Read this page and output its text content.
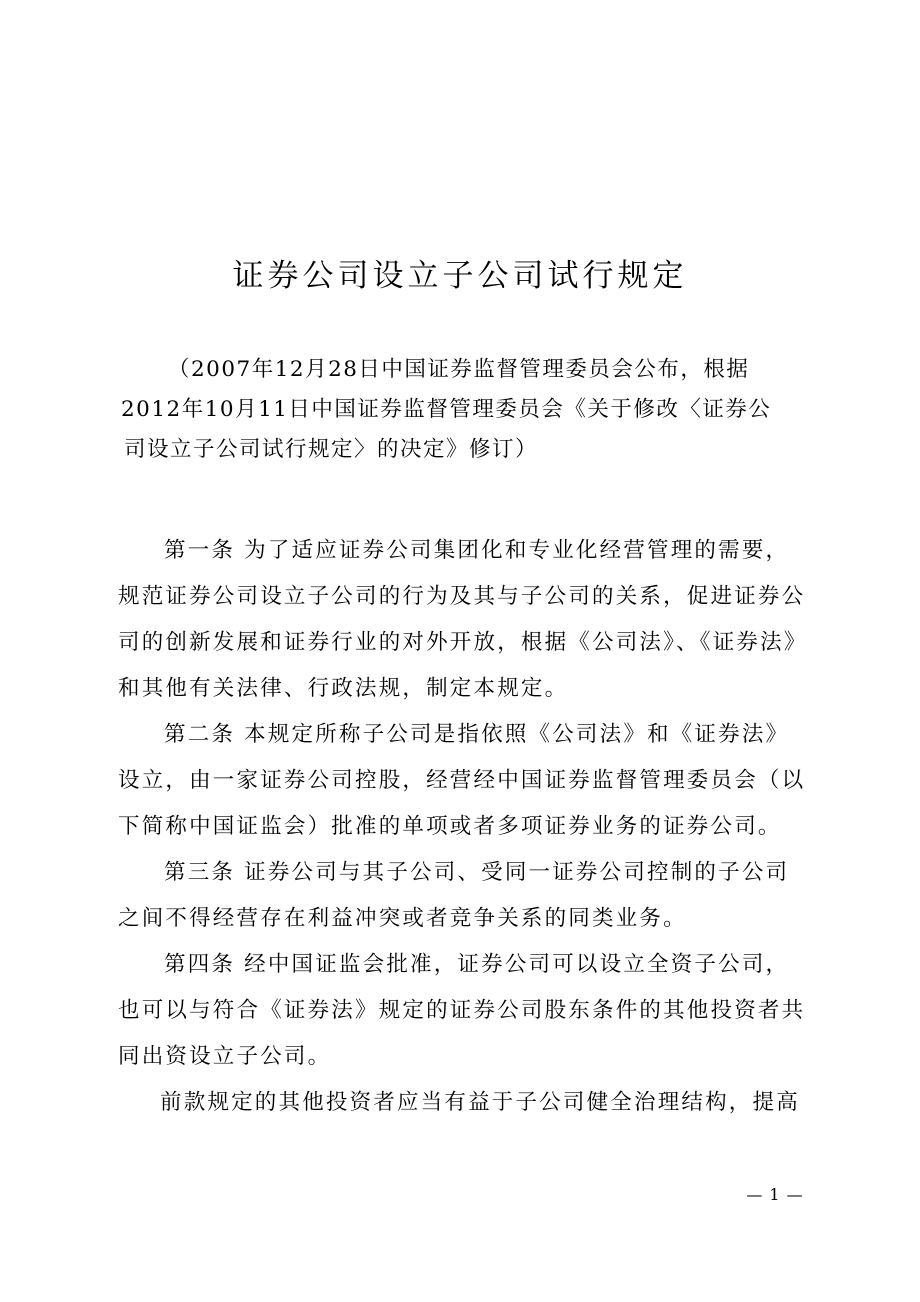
证券公司设立子公司试行规定
（2007年12月28日中国证券监督管理委员会公布，根据
2012年10月11日中国证券监督管理委员会《关于修改〈证券公
司设立子公司试行规定〉的决定》修订）
第一条 为了适应证券公司集团化和专业化经营管理的需要，
规范证券公司设立子公司的行为及其与子公司的关系，促进证券公
司的创新发展和证券行业的对外开放，根据《公司法》、《证券法》
和其他有关法律、行政法规，制定本规定。
第二条 本规定所称子公司是指依照《公司法》和《证券法》
设立，由一家证券公司控股，经营经中国证券监督管理委员会（以
下简称中国证监会）批准的单项或者多项证券业务的证券公司。
第三条 证券公司与其子公司、受同一证券公司控制的子公司
之间不得经营存在利益冲突或者竞争关系的同类业务。
第四条 经中国证监会批准，证券公司可以设立全资子公司，
也可以与符合《证券法》规定的证券公司股东条件的其他投资者共
同出资设立子公司。
前款规定的其他投资者应当有益于子公司健全治理结构，提高
— 1 —
